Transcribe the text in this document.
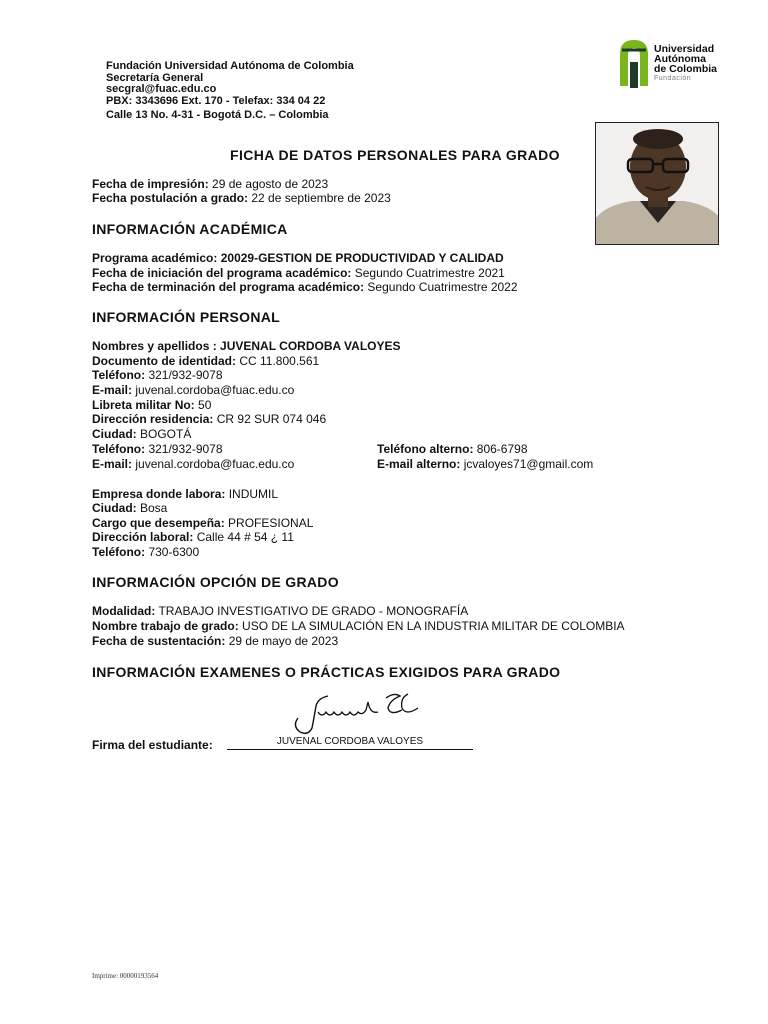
Fundación Universidad Autónoma de Colombia
Secretaría General
secgral@fuac.edu.co
PBX: 3343696 Ext. 170 - Telefax: 334 04 22
Calle 13 No. 4-31 - Bogotá D.C. – Colombia
Universidad
Autónoma
de Colombia
Fundación
FICHA DE DATOS PERSONALES PARA GRADO
Fecha de impresión: 29 de agosto de 2023
Fecha postulación a grado: 22 de septiembre de 2023
INFORMACIÓN ACADÉMICA
Programa académico: 20029-GESTION DE PRODUCTIVIDAD Y CALIDAD
Fecha de iniciación del programa académico: Segundo Cuatrimestre 2021
Fecha de terminación del programa académico: Segundo Cuatrimestre 2022
INFORMACIÓN PERSONAL
Nombres y apellidos : JUVENAL CORDOBA VALOYES
Documento de identidad: CC 11.800.561
Teléfono: 321/932-9078
E-mail: juvenal.cordoba@fuac.edu.co
Libreta militar No: 50
Dirección residencia: CR 92 SUR 074 046
Ciudad: BOGOTÁ
Teléfono: 321/932-9078	Teléfono alterno: 806-6798
E-mail: juvenal.cordoba@fuac.edu.co	E-mail alterno: jcvaloyes71@gmail.com
Empresa donde labora: INDUMIL
Ciudad: Bosa
Cargo que desempeña: PROFESIONAL
Dirección laboral: Calle 44 # 54 ¿ 11
Teléfono: 730-6300
INFORMACIÓN OPCIÓN DE GRADO
Modalidad: TRABAJO INVESTIGATIVO DE GRADO - MONOGRAFÍA
Nombre trabajo de grado: USO DE LA SIMULACIÓN EN LA INDUSTRIA MILITAR DE COLOMBIA
Fecha de sustentación: 29 de mayo de 2023
INFORMACIÓN EXAMENES O PRÁCTICAS EXIGIDOS PARA GRADO
Firma del estudiante:	JUVENAL CORDOBA VALOYES
Imprime: 00000193564
